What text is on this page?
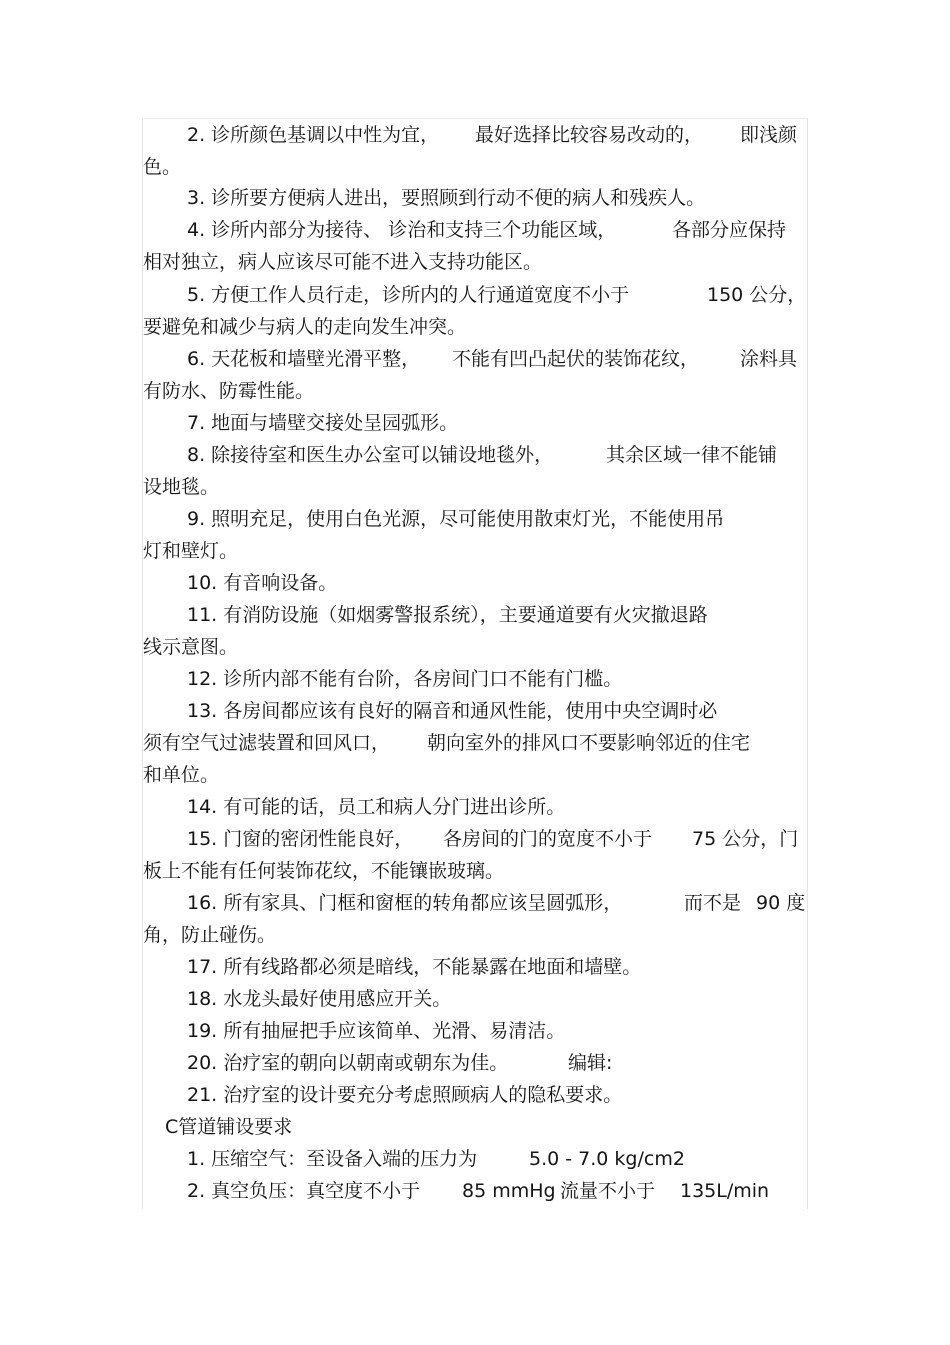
2. 诊所颜色基调以中性为宜， 最好选择比较容易改动的， 即浅颜
色。
3. 诊所要方便病人进出，要照顾到行动不便的病人和残疾人。
4. 诊所内部分为接待、 诊治和支持三个功能区域，	各部分应保持
相对独立，病人应该尽可能不进入支持功能区。
5. 方便工作人员行走，诊所内的人行通道宽度不小于	150 公分，
要避免和减少与病人的走向发生冲突。
6. 天花板和墙壁光滑平整， 不能有凹凸起伏的装饰花纹， 涂料具
有防水、防霉性能。
7. 地面与墙壁交接处呈园弧形。
8. 除接待室和医生办公室可以铺设地毯外，	其余区域一律不能铺
设地毯。
9. 照明充足，使用白色光源，尽可能使用散束灯光，不能使用吊
灯和壁灯。
10. 有音响设备。
11. 有消防设施（如烟雾警报系统），主要通道要有火灾撤退路
线示意图。
12. 诊所内部不能有台阶，各房间门口不能有门槛。
13. 各房间都应该有良好的隔音和通风性能，使用中央空调时必
须有空气过滤装置和回风口， 朝向室外的排风口不要影响邻近的住宅
和单位。
14. 有可能的话，员工和病人分门进出诊所。
15. 门窗的密闭性能良好， 各房间的门的宽度不小于 75 公分，门
板上不能有任何装饰花纹，不能镶嵌玻璃。
16. 所有家具、门框和窗框的转角都应该呈圆弧形，	而不是 90 度
角，防止碰伤。
17. 所有线路都必须是暗线，不能暴露在地面和墙壁。
18. 水龙头最好使用感应开关。
19. 所有抽屉把手应该简单、光滑、易清洁。
20. 治疗室的朝向以朝南或朝东为佳。	编辑:
21. 治疗室的设计要充分考虑照顾病人的隐私要求。
C管道铺设要求
1. 压缩空气：至设备入端的压力为	5.0 - 7.0 kg/cm2
2. 真空负压：真空度不小于 85 mmHg 流量不小于 135L/min
